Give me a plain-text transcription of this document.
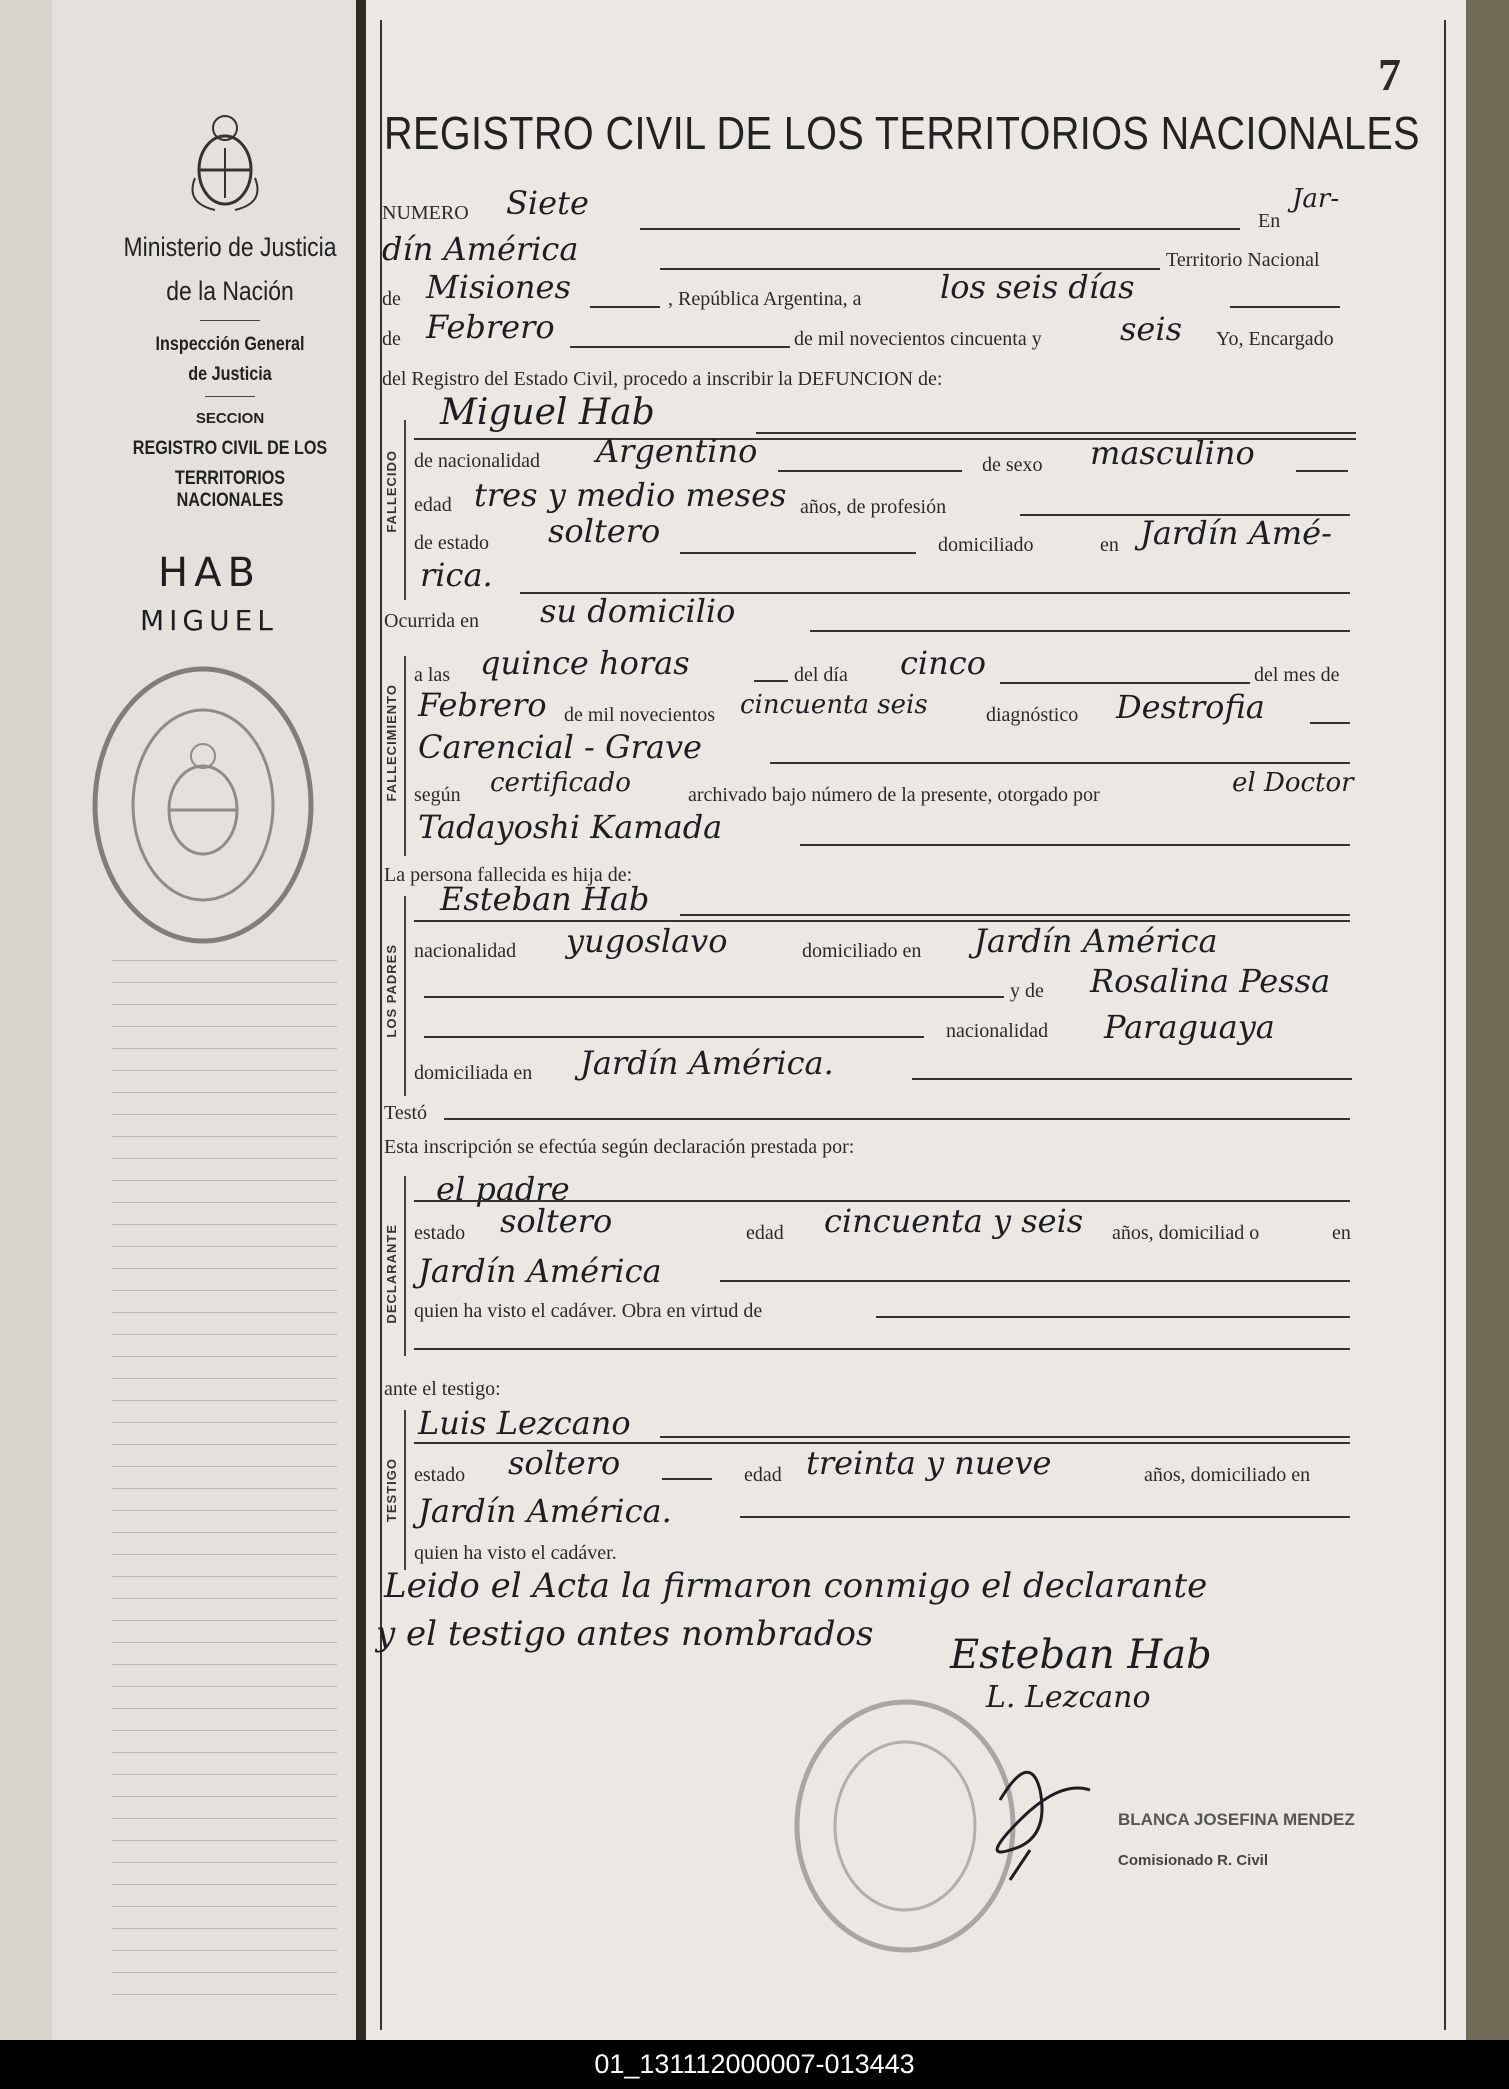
Ministerio de Justicia
de la Nación
Inspección General
de Justicia
SECCION
REGISTRO CIVIL DE LOS
TERRITORIOS NACIONALES
HAB
MIGUEL
7
REGISTRO CIVIL DE LOS TERRITORIOS NACIONALES
NUMERO Siete	En
Jar-
dín América	Territorio Nacional
de Misiones	, República Argentina, a los seis días
de Febrero	de mil novecientos cincuenta y seis Yo, Encargado
del Registro del Estado Civil, procedo a inscribir la DEFUNCION de:
FALLECIDO
Miguel Hab
de nacionalidad Argentino	de sexo masculino
edad tres y medio meses años, de profesión
de estado soltero	domiciliado	en Jardín Amé-
rica.
Ocurrida en su domicilio
FALLECIMIENTO
a las quince horas	del día cinco	del mes de
Febrero de mil novecientos cincuenta seis	diagnóstico Destrofia
Carencial - Grave
según certificado	archivado bajo número de la presente, otorgado por	el Doctor
Tadayoshi Kamada
La persona fallecida es hija de:
LOS PADRES
Esteban Hab
nacionalidad yugoslavo	domiciliado en Jardín América
y de Rosalina Pessa
nacionalidad Paraguaya
domiciliada en Jardín América.
Testó
Esta inscripción se efectúa según declaración prestada por:
DECLARANTE
el padre
estado soltero	edad cincuenta y seis años, domiciliad o	en
Jardín América
quien ha visto el cadáver. Obra en virtud de
ante el testigo:
TESTIGO
Luis Lezcano
estado soltero	edad treinta y nueve	años, domiciliado en
Jardín América.
quien ha visto el cadáver.
Leido el Acta la firmaron conmigo el declarante
y el testigo antes nombrados Esteban Hab
L. Lezcano
BLANCA JOSEFINA MENDEZ
Comisionado R. Civil
01_131112000007-013443
